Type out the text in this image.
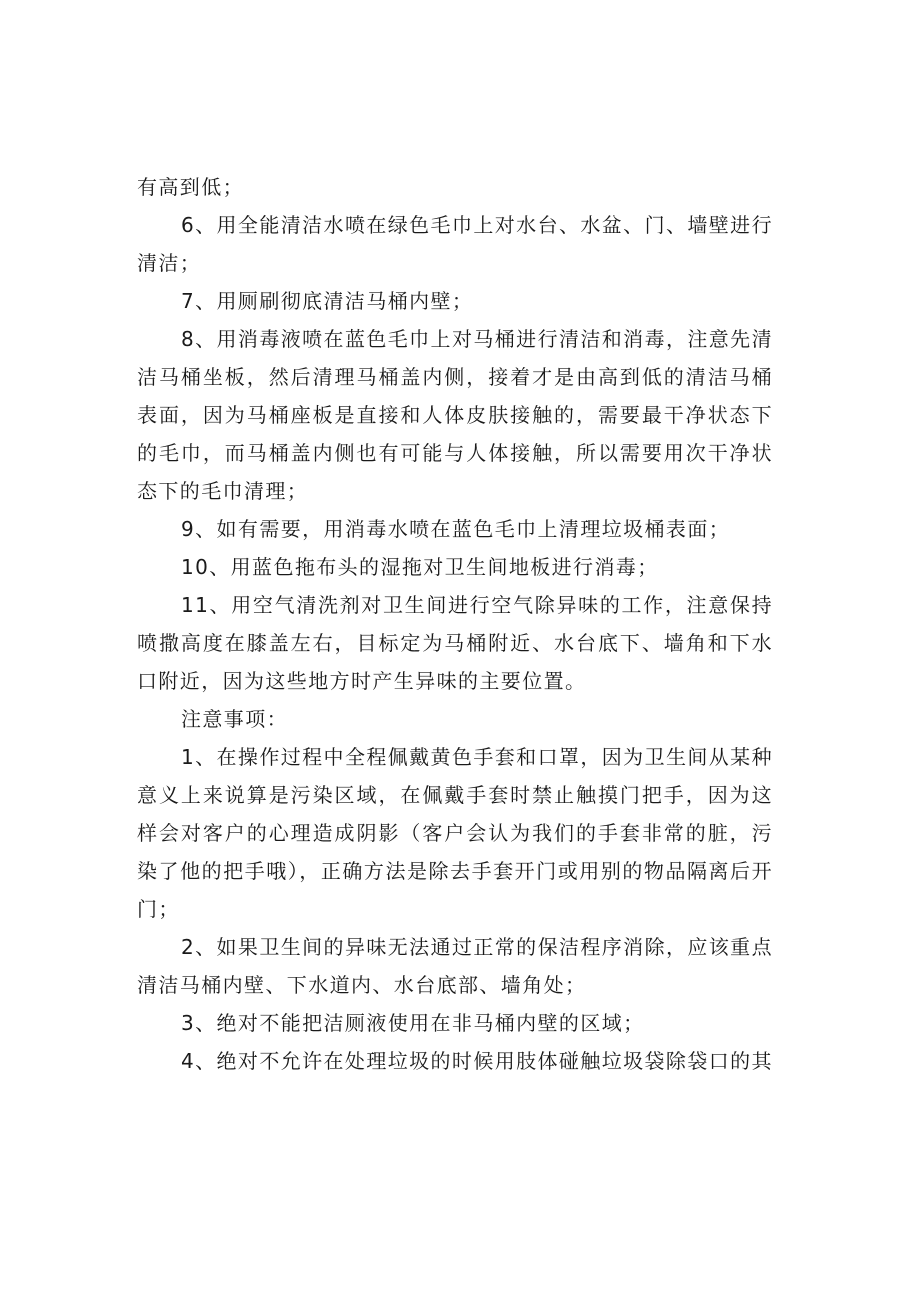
有高到低；

6、用全能清洁水喷在绿色毛巾上对水台、水盆、门、墙壁进行清洁；

7、用厕刷彻底清洁马桶内壁；

8、用消毒液喷在蓝色毛巾上对马桶进行清洁和消毒，注意先清洁马桶坐板，然后清理马桶盖内侧，接着才是由高到低的清洁马桶表面，因为马桶座板是直接和人体皮肤接触的，需要最干净状态下的毛巾，而马桶盖内侧也有可能与人体接触，所以需要用次干净状态下的毛巾清理；

9、如有需要，用消毒水喷在蓝色毛巾上清理垃圾桶表面；

10、用蓝色拖布头的湿拖对卫生间地板进行消毒；

11、用空气清洗剂对卫生间进行空气除异味的工作，注意保持喷撒高度在膝盖左右，目标定为马桶附近、水台底下、墙角和下水口附近，因为这些地方时产生异味的主要位置。

注意事项：

1、在操作过程中全程佩戴黄色手套和口罩，因为卫生间从某种意义上来说算是污染区域，在佩戴手套时禁止触摸门把手，因为这样会对客户的心理造成阴影（客户会认为我们的手套非常的脏，污染了他的把手哦），正确方法是除去手套开门或用别的物品隔离后开门；

2、如果卫生间的异味无法通过正常的保洁程序消除，应该重点清洁马桶内壁、下水道内、水台底部、墙角处；

3、绝对不能把洁厕液使用在非马桶内壁的区域；

4、绝对不允许在处理垃圾的时候用肢体碰触垃圾袋除袋口的其
